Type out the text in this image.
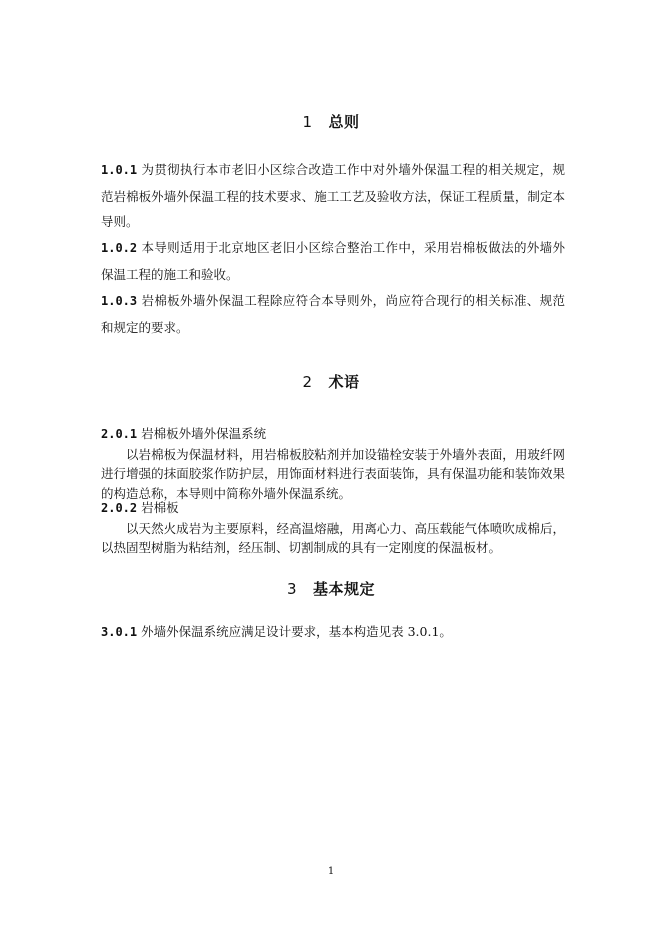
1 总则
1.0.1 为贯彻执行本市老旧小区综合改造工作中对外墙外保温工程的相关规定，规范岩棉板外墙外保温工程的技术要求、施工工艺及验收方法，保证工程质量，制定本导则。
1.0.2 本导则适用于北京地区老旧小区综合整治工作中，采用岩棉板做法的外墙外保温工程的施工和验收。
1.0.3 岩棉板外墙外保温工程除应符合本导则外，尚应符合现行的相关标准、规范和规定的要求。
2 术语
2.0.1 岩棉板外墙外保温系统
以岩棉板为保温材料，用岩棉板胶粘剂并加设锚栓安装于外墙外表面，用玻纤网进行增强的抹面胶浆作防护层，用饰面材料进行表面装饰，具有保温功能和装饰效果的构造总称，本导则中简称外墙外保温系统。
2.0.2 岩棉板
以天然火成岩为主要原料，经高温熔融，用离心力、高压载能气体喷吹成棉后，以热固型树脂为粘结剂，经压制、切割制成的具有一定刚度的保温板材。
3 基本规定
3.0.1 外墙外保温系统应满足设计要求，基本构造见表 3.0.1。
1
